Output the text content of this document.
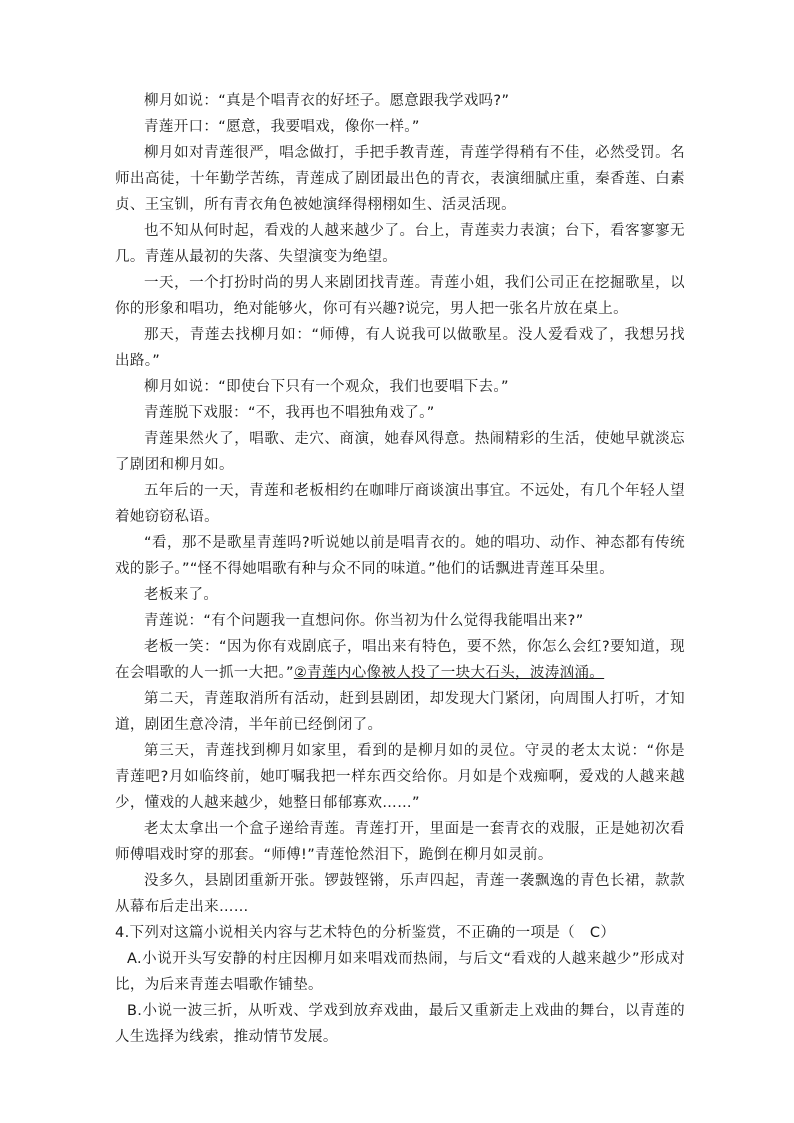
柳月如说：“真是个唱青衣的好坯子。愿意跟我学戏吗?”

青莲开口：“愿意，我要唱戏，像你一样。”

柳月如对青莲很严，唱念做打，手把手教青莲，青莲学得稍有不佳，必然受罚。名师出高徒，十年勤学苦练，青莲成了剧团最出色的青衣，表演细腻庄重，秦香莲、白素贞、王宝钏，所有青衣角色被她演绎得栩栩如生、活灵活现。

也不知从何时起，看戏的人越来越少了。台上，青莲卖力表演；台下，看客寥寥无几。青莲从最初的失落、失望演变为绝望。

一天，一个打扮时尚的男人来剧团找青莲。青莲小姐，我们公司正在挖掘歌星，以你的形象和唱功，绝对能够火，你可有兴趣?说完，男人把一张名片放在桌上。

那天，青莲去找柳月如：“师傅，有人说我可以做歌星。没人爱看戏了，我想另找出路。”

柳月如说：“即使台下只有一个观众，我们也要唱下去。”

青莲脱下戏服：“不，我再也不唱独角戏了。”

青莲果然火了，唱歌、走穴、商演，她春风得意。热闹精彩的生活，使她早就淡忘了剧团和柳月如。

五年后的一天，青莲和老板相约在咖啡厅商谈演出事宜。不远处，有几个年轻人望着她窃窃私语。

“看，那不是歌星青莲吗?听说她以前是唱青衣的。她的唱功、动作、神态都有传统戏的影子。”“怪不得她唱歌有种与众不同的味道。”他们的话飘进青莲耳朵里。

老板来了。

青莲说：“有个问题我一直想问你。你当初为什么觉得我能唱出来?”

老板一笑：“因为你有戏剧底子，唱出来有特色，要不然，你怎么会红?要知道，现在会唱歌的人一抓一大把。”②青莲内心像被人投了一块大石头，波涛汹涌。

第二天，青莲取消所有活动，赶到县剧团，却发现大门紧闭，向周围人打听，才知道，剧团生意冷清，半年前已经倒闭了。

第三天，青莲找到柳月如家里，看到的是柳月如的灵位。守灵的老太太说：“你是青莲吧?月如临终前，她叮嘱我把一样东西交给你。月如是个戏痴啊，爱戏的人越来越少，懂戏的人越来越少，她整日郁郁寡欢……”

老太太拿出一个盒子递给青莲。青莲打开，里面是一套青衣的戏服，正是她初次看师傅唱戏时穿的那套。“师傅!”青莲怆然泪下，跪倒在柳月如灵前。

没多久，县剧团重新开张。锣鼓铿锵，乐声四起，青莲一袭飘逸的青色长裙，款款从幕布后走出来……

4.下列对这篇小说相关内容与艺术特色的分析鉴赏，不正确的一项是（　C）

A.小说开头写安静的村庄因柳月如来唱戏而热闹，与后文“看戏的人越来越少”形成对比，为后来青莲去唱歌作铺垫。

B.小说一波三折，从听戏、学戏到放弃戏曲，最后又重新走上戏曲的舞台，以青莲的人生选择为线索，推动情节发展。
